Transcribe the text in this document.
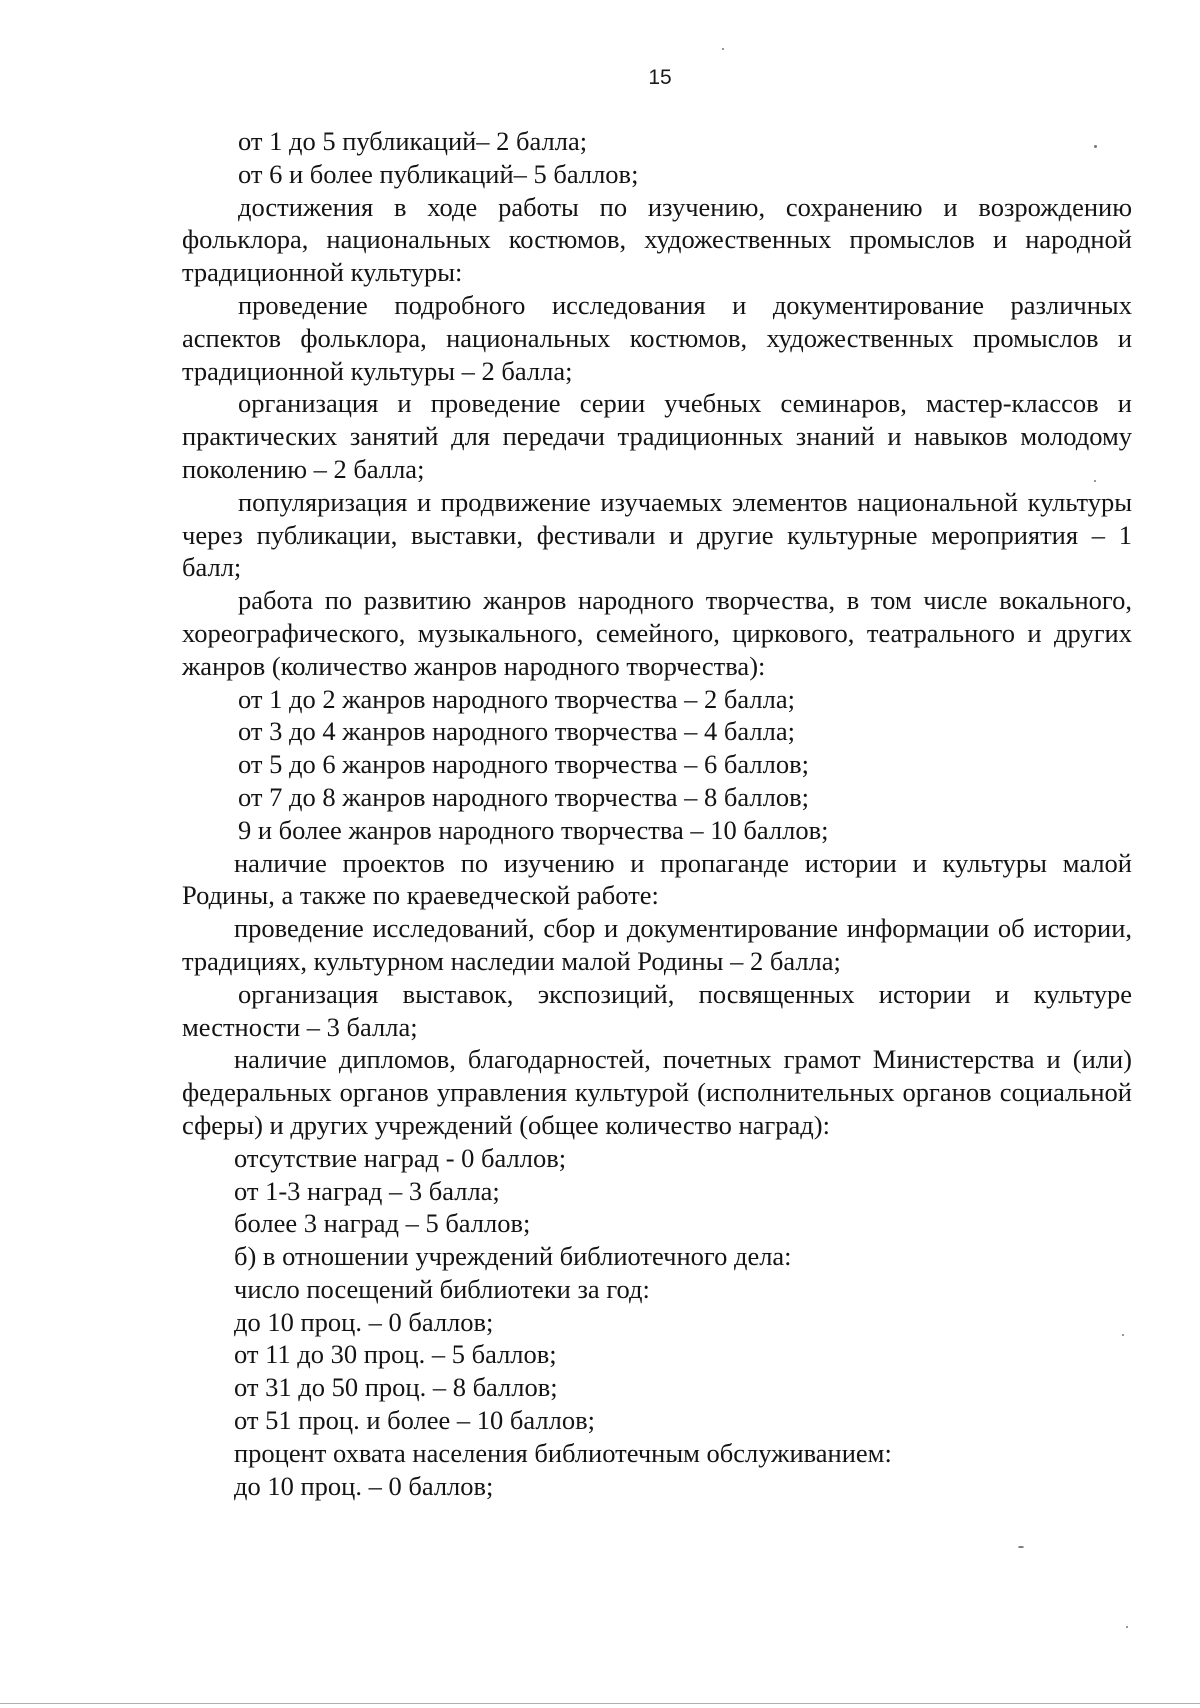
15

от 1 до 5 публикаций– 2 балла;

от 6 и более публикаций– 5 баллов;

достижения в ходе работы по изучению, сохранению и возрождению фольклора, национальных костюмов, художественных промыслов и народной традиционной культуры:

проведение подробного исследования и документирование различных аспектов фольклора, национальных костюмов, художественных промыслов и традиционной культуры – 2 балла;

организация и проведение серии учебных семинаров, мастер-классов и практических занятий для передачи традиционных знаний и навыков молодому поколению – 2 балла;

популяризация и продвижение изучаемых элементов национальной культуры через публикации, выставки, фестивали и другие культурные мероприятия – 1 балл;

работа по развитию жанров народного творчества, в том числе вокального, хореографического, музыкального, семейного, циркового, театрального и других жанров (количество жанров народного творчества):

от 1 до 2 жанров народного творчества – 2 балла;

от 3 до 4 жанров народного творчества – 4 балла;

от 5 до 6 жанров народного творчества – 6 баллов;

от 7 до 8 жанров народного творчества – 8 баллов;

9 и более жанров народного творчества – 10 баллов;

наличие проектов по изучению и пропаганде истории и культуры малой Родины, а также по краеведческой работе:

проведение исследований, сбор и документирование информации об истории, традициях, культурном наследии малой Родины – 2 балла;

организация выставок, экспозиций, посвященных истории и культуре местности – 3 балла;

наличие дипломов, благодарностей, почетных грамот Министерства и (или) федеральных органов управления культурой (исполнительных органов социальной сферы) и других учреждений (общее количество наград):

отсутствие наград - 0 баллов;

от 1-3 наград – 3 балла;

более 3 наград – 5 баллов;

б) в отношении учреждений библиотечного дела:

число посещений библиотеки за год:

до 10 проц. – 0 баллов;

от 11 до 30 проц. – 5 баллов;

от 31 до 50 проц. – 8 баллов;

от 51 проц. и более – 10 баллов;

процент охвата населения библиотечным обслуживанием:

до 10 проц. – 0 баллов;
